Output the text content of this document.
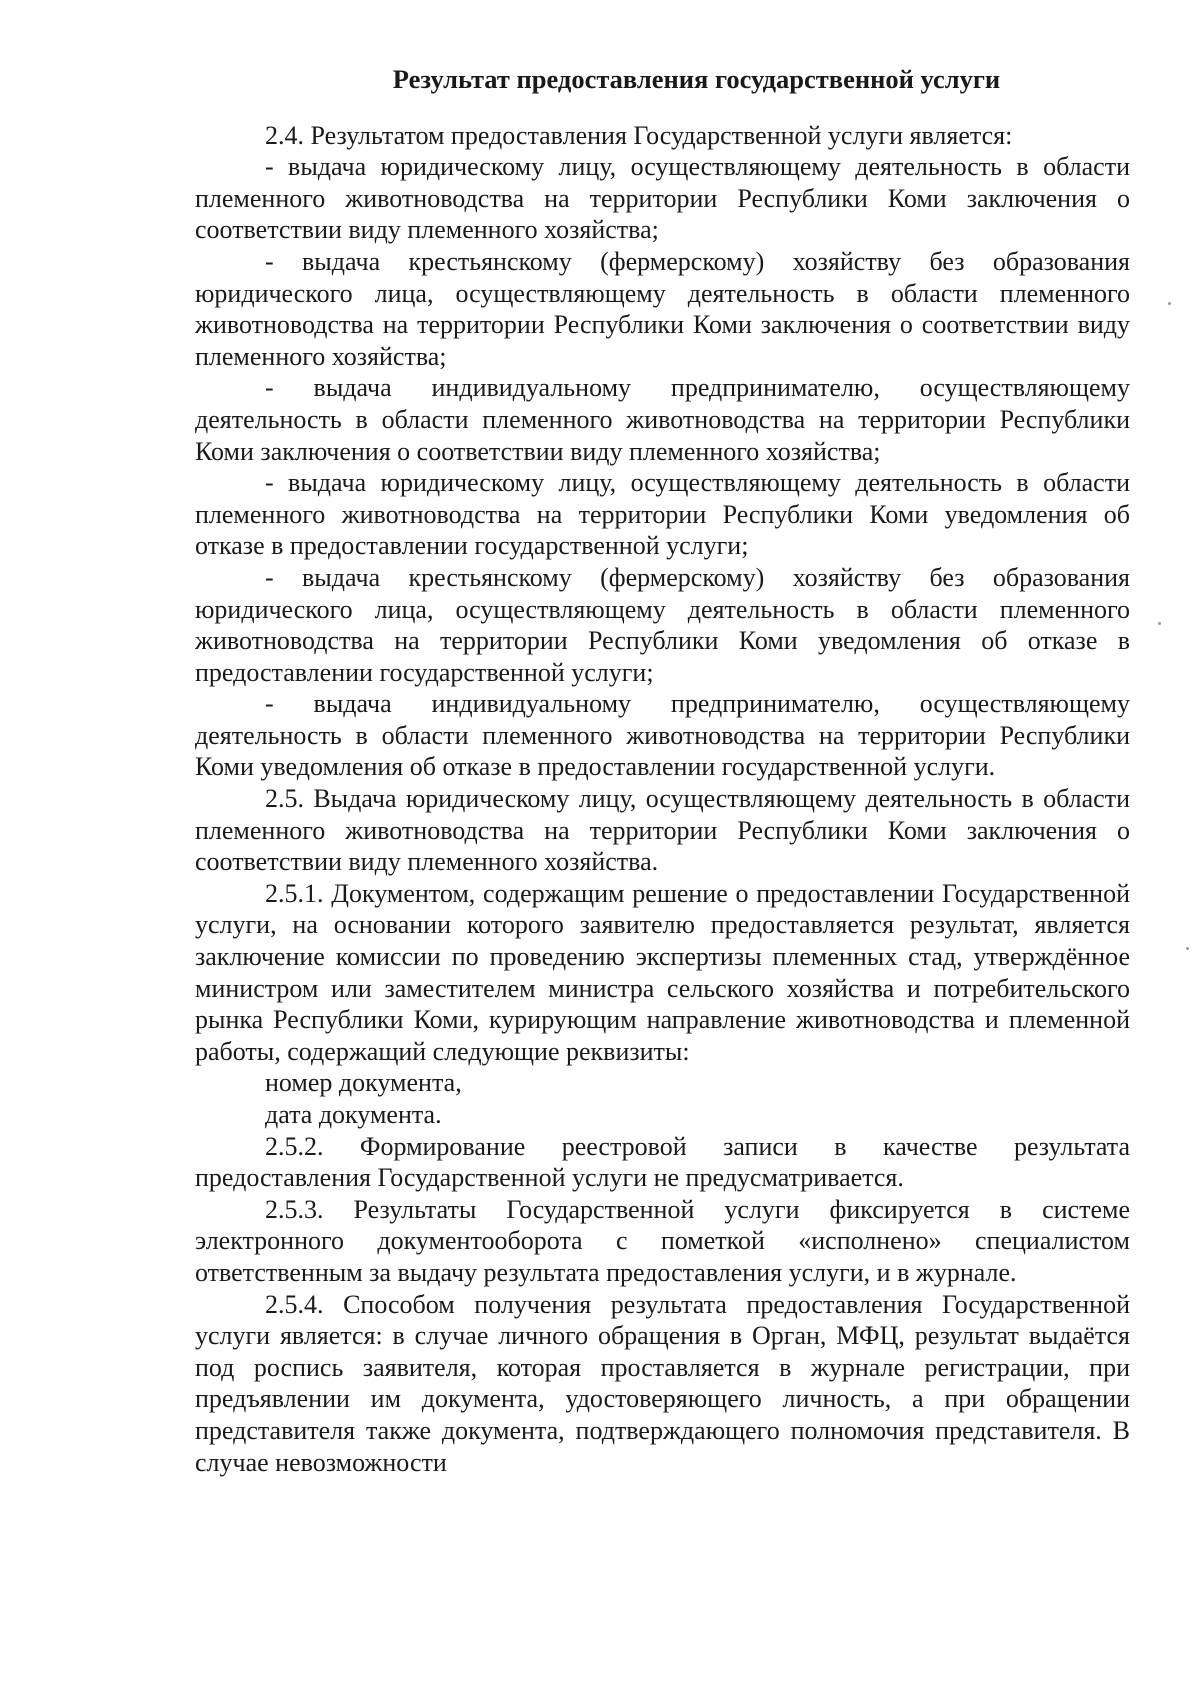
Результат предоставления государственной услуги

2.4. Результатом предоставления Государственной услуги является:

- выдача юридическому лицу, осуществляющему деятельность в области племенного животноводства на территории Республики Коми заключения о соответствии виду племенного хозяйства;

- выдача крестьянскому (фермерскому) хозяйству без образования юридического лица, осуществляющему деятельность в области племенного животноводства на территории Республики Коми заключения о соответствии виду племенного хозяйства;

- выдача индивидуальному предпринимателю, осуществляющему деятельность в области племенного животноводства на территории Республики Коми заключения о соответствии виду племенного хозяйства;

- выдача юридическому лицу, осуществляющему деятельность в области племенного животноводства на территории Республики Коми уведомления об отказе в предоставлении государственной услуги;

- выдача крестьянскому (фермерскому) хозяйству без образования юридического лица, осуществляющему деятельность в области племенного животноводства на территории Республики Коми уведомления об отказе в предоставлении государственной услуги;

- выдача индивидуальному предпринимателю, осуществляющему деятельность в области племенного животноводства на территории Республики Коми уведомления об отказе в предоставлении государственной услуги.

2.5. Выдача юридическому лицу, осуществляющему деятельность в области племенного животноводства на территории Республики Коми заключения о соответствии виду племенного хозяйства.

2.5.1. Документом, содержащим решение о предоставлении Государственной услуги, на основании которого заявителю предоставляется результат, является заключение комиссии по проведению экспертизы племенных стад, утверждённое министром или заместителем министра сельского хозяйства и потребительского рынка Республики Коми, курирующим направление животноводства и племенной работы, содержащий следующие реквизиты:

номер документа,

дата документа.

2.5.2. Формирование реестровой записи в качестве результата предоставления Государственной услуги не предусматривается.

2.5.3. Результаты Государственной услуги фиксируется в системе электронного документооборота с пометкой «исполнено» специалистом ответственным за выдачу результата предоставления услуги, и в журнале.

2.5.4. Способом получения результата предоставления Государственной услуги является: в случае личного обращения в Орган, МФЦ, результат выдаётся под роспись заявителя, которая проставляется в журнале регистрации, при предъявлении им документа, удостоверяющего личность, а при обращении представителя также документа, подтверждающего полномочия представителя. В случае невозможности
